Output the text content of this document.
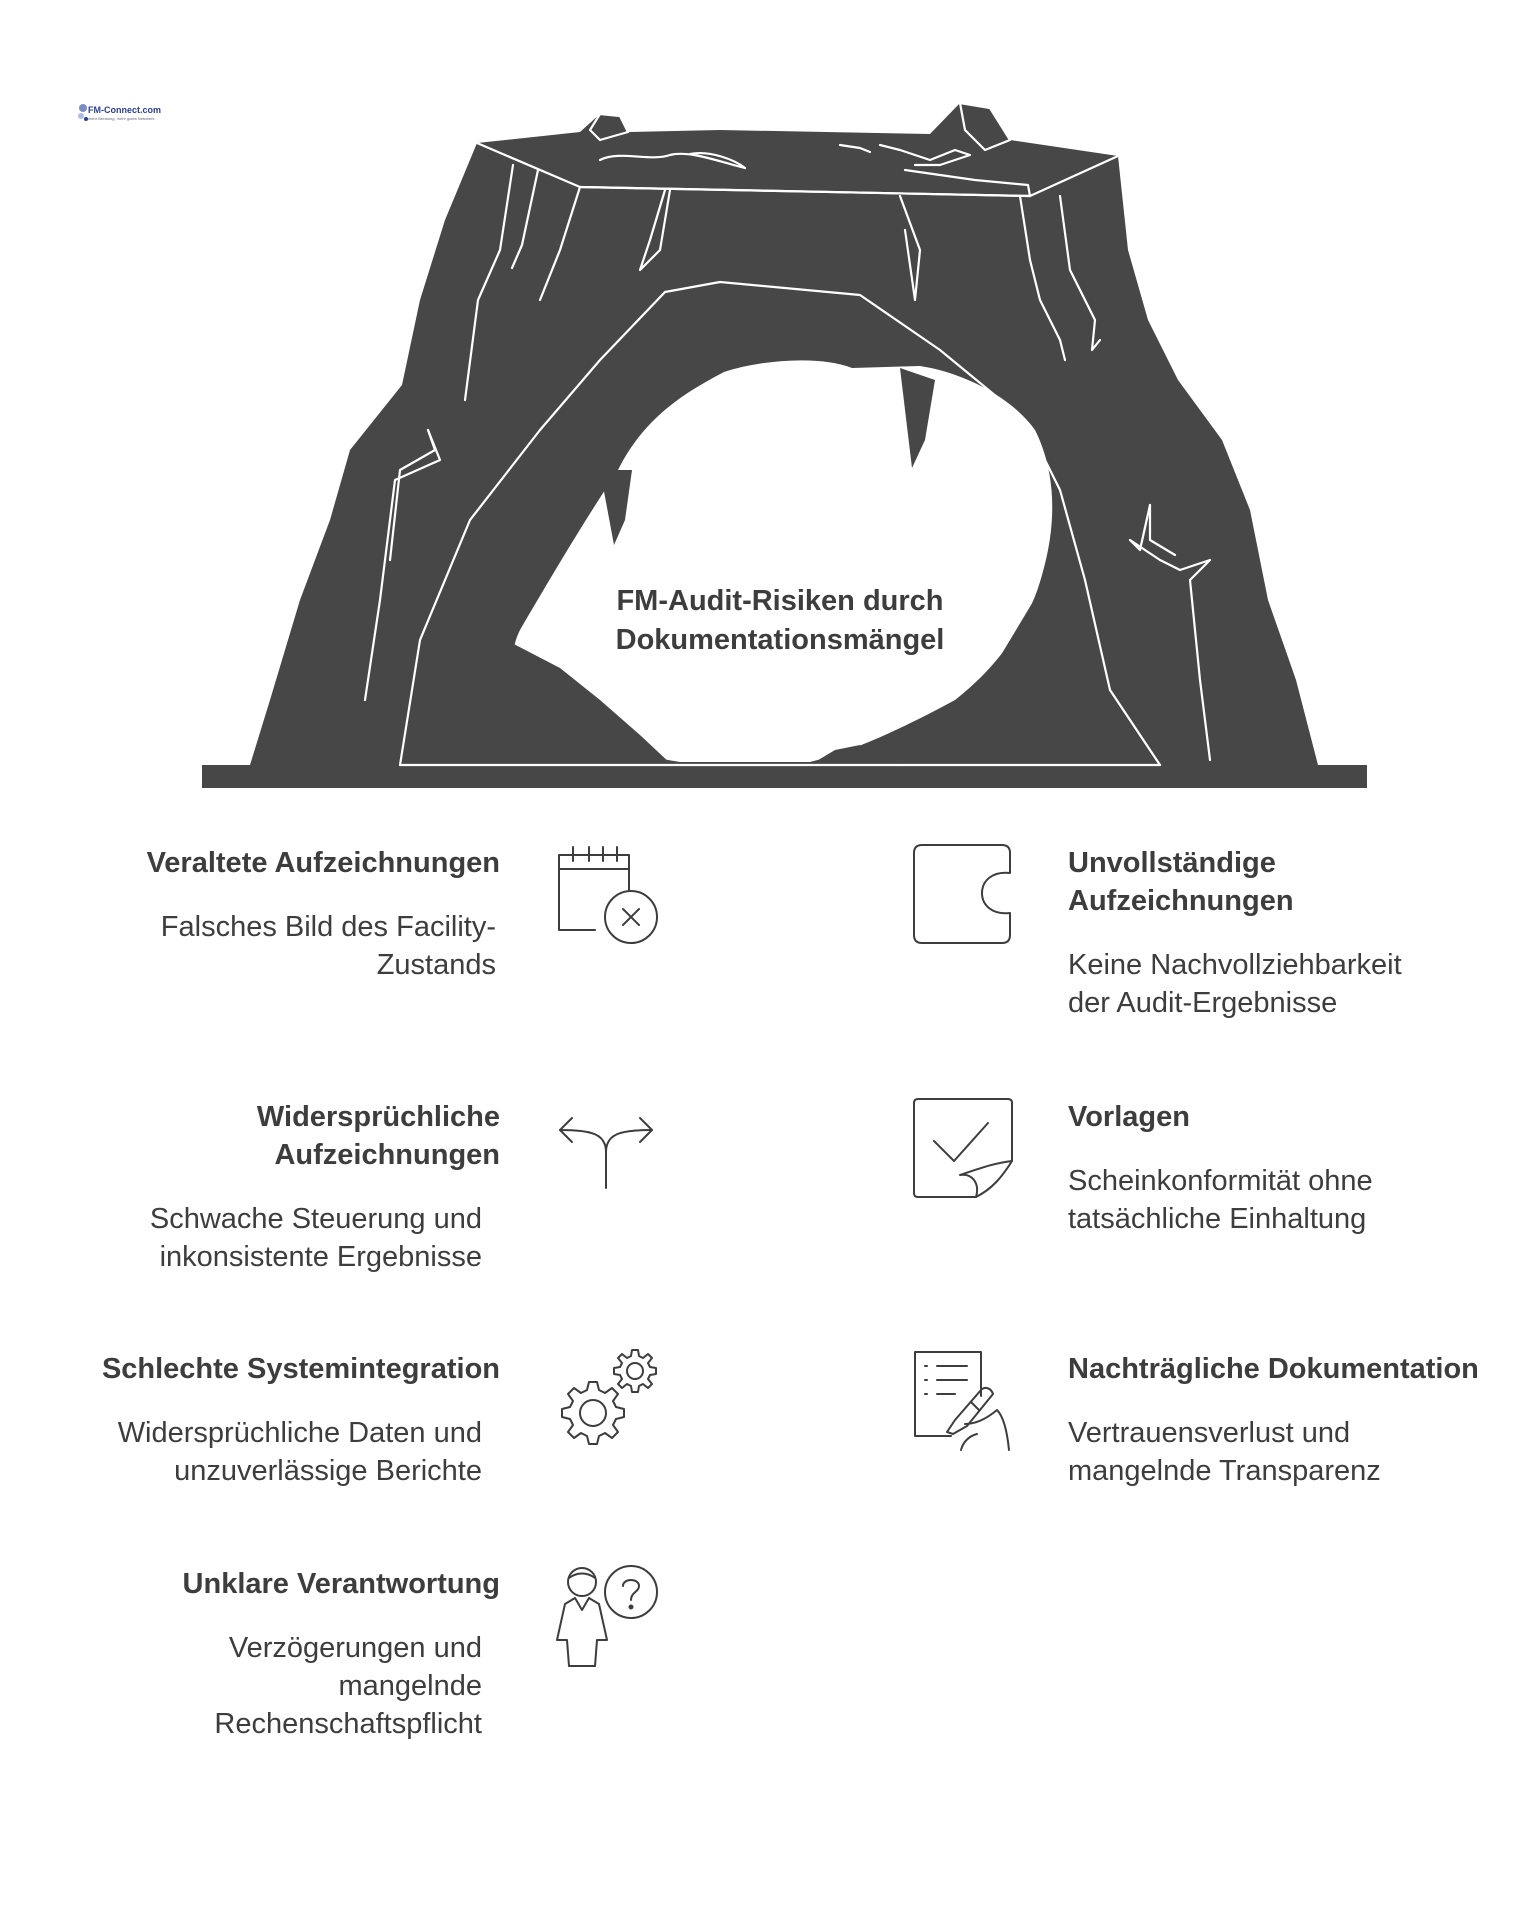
FM-Connect.com
mehr Beratung, mehr gutes Netzwerk
FM-Audit-Risiken durch
Dokumentationsmängel
Veraltete Aufzeichnungen
Falsches Bild des Facility-
Zustands
Widersprüchliche
Aufzeichnungen
Schwache Steuerung und
inkonsistente Ergebnisse
Schlechte Systemintegration
Widersprüchliche Daten und
unzuverlässige Berichte
Unklare Verantwortung
Verzögerungen und
mangelnde
Rechenschaftspflicht
Unvollständige
Aufzeichnungen
Keine Nachvollziehbarkeit
der Audit-Ergebnisse
Vorlagen
Scheinkonformität ohne
tatsächliche Einhaltung
Nachträgliche Dokumentation
Vertrauensverlust und
mangelnde Transparenz
